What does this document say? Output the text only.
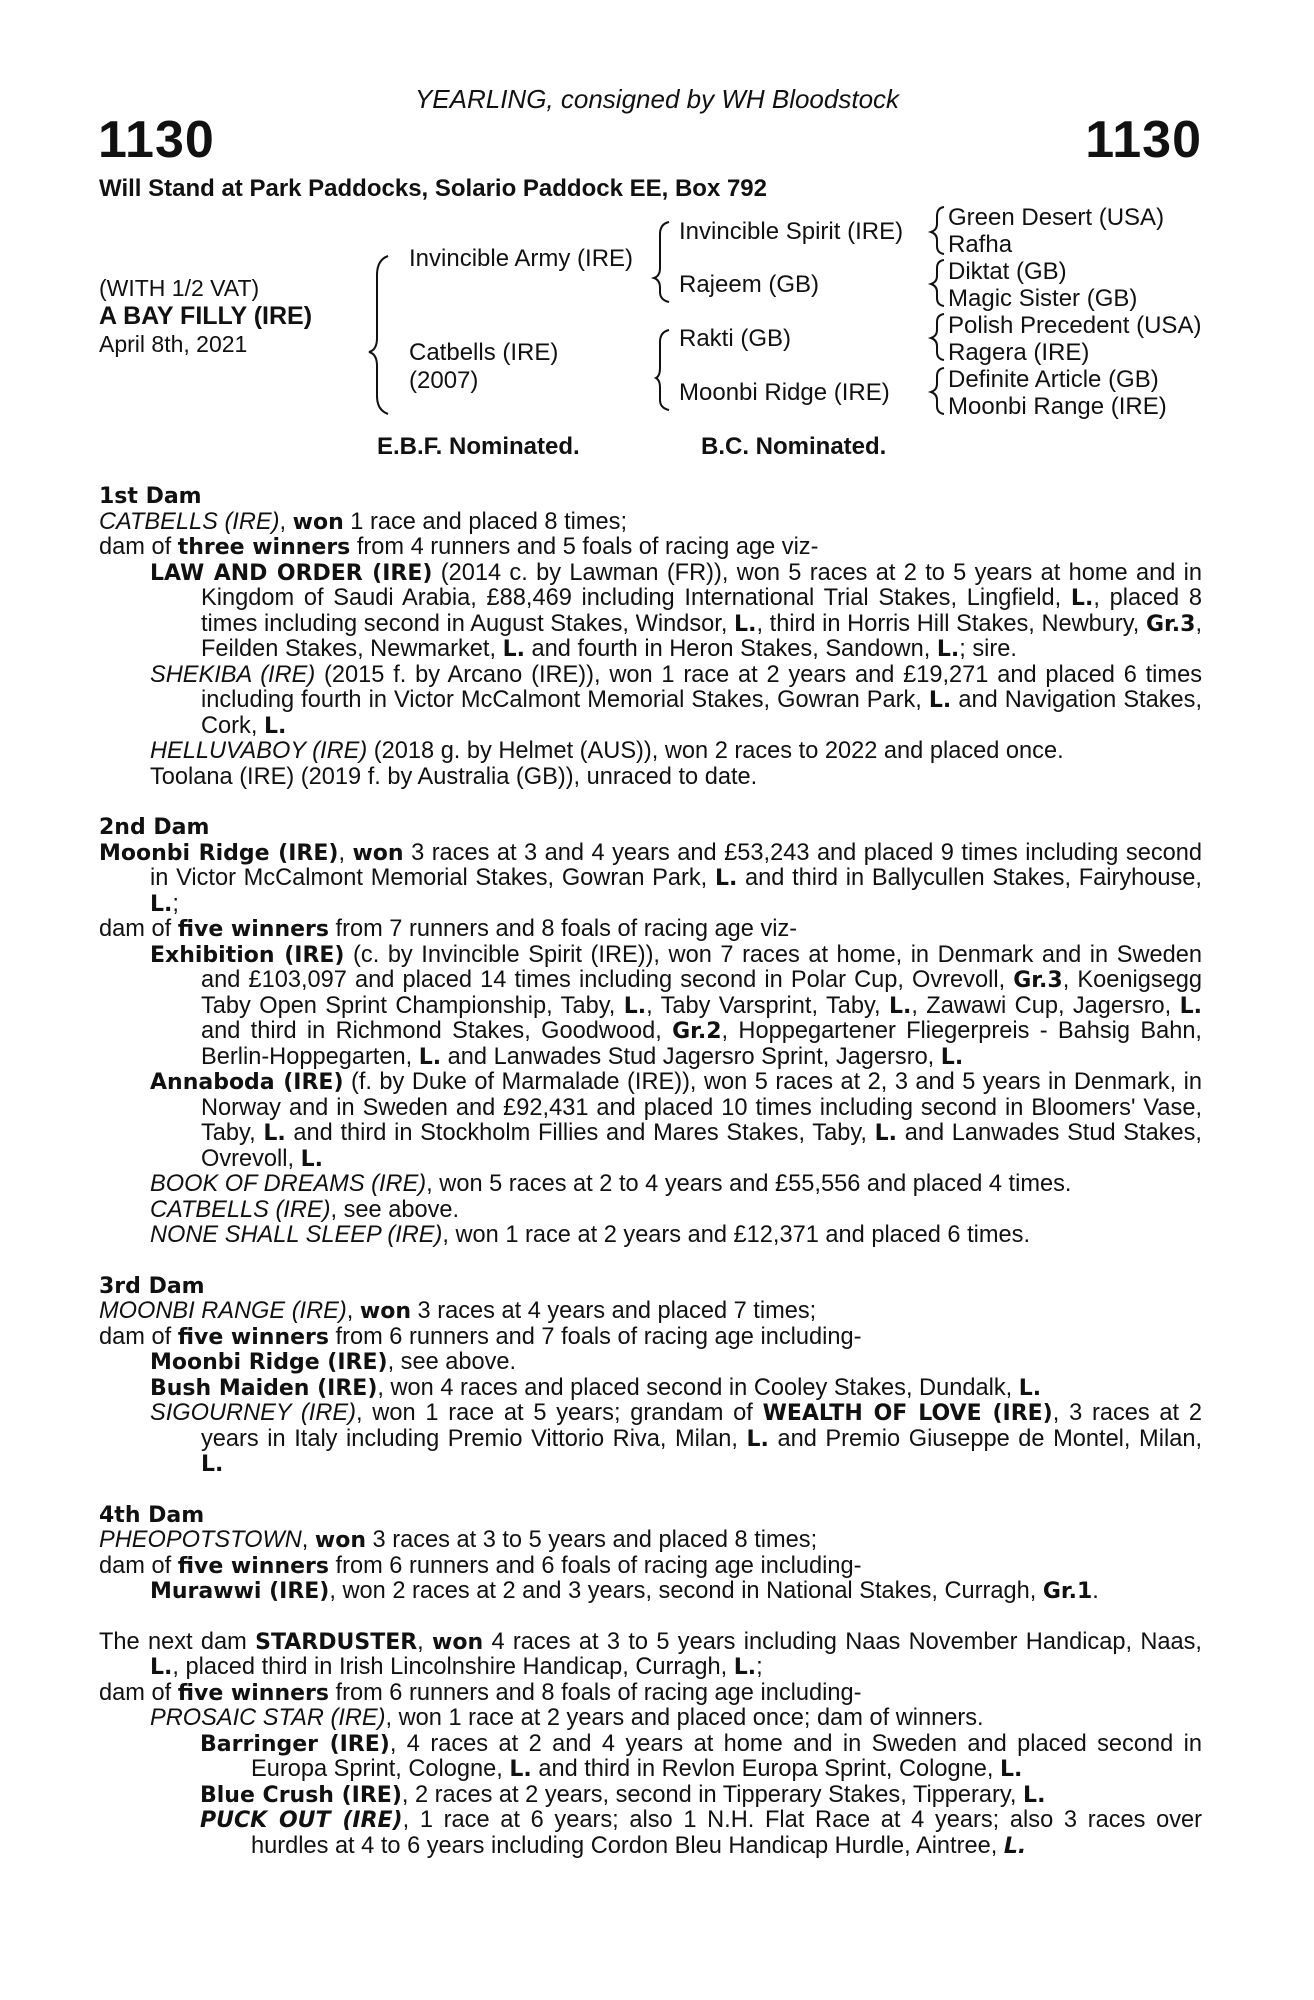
YEARLING, consigned by WH Bloodstock
1130	1130
Will Stand at Park Paddocks, Solario Paddock EE, Box 792
(WITH 1/2 VAT)
A BAY FILLY (IRE)
April 8th, 2021
Invincible Army (IRE)
Catbells (IRE)
(2007)
Invincible Spirit (IRE)
Rajeem (GB)
Rakti (GB)
Moonbi Ridge (IRE)
Green Desert (USA)
Rafha
Diktat (GB)
Magic Sister (GB)
Polish Precedent (USA)
Ragera (IRE)
Definite Article (GB)
Moonbi Range (IRE)
E.B.F. Nominated.	B.C. Nominated.

1st Dam

CATBELLS (IRE), won 1 race and placed 8 times;

dam of three winners from 4 runners and 5 foals of racing age viz-

LAW AND ORDER (IRE) (2014 c. by Lawman (FR)), won 5 races at 2 to 5 years at home and in Kingdom of Saudi Arabia, £88,469 including International Trial Stakes, Lingfield, L., placed 8 times including second in August Stakes, Windsor, L., third in Horris Hill Stakes, Newbury, Gr.3, Feilden Stakes, Newmarket, L. and fourth in Heron Stakes, Sandown, L.; sire.

SHEKIBA (IRE) (2015 f. by Arcano (IRE)), won 1 race at 2 years and £19,271 and placed 6 times including fourth in Victor McCalmont Memorial Stakes, Gowran Park, L. and Navigation Stakes, Cork, L.

HELLUVABOY (IRE) (2018 g. by Helmet (AUS)), won 2 races to 2022 and placed once.

Toolana (IRE) (2019 f. by Australia (GB)), unraced to date.

2nd Dam

Moonbi Ridge (IRE), won 3 races at 3 and 4 years and £53,243 and placed 9 times including second in Victor McCalmont Memorial Stakes, Gowran Park, L. and third in Ballycullen Stakes, Fairyhouse, L.;

dam of five winners from 7 runners and 8 foals of racing age viz-

Exhibition (IRE) (c. by Invincible Spirit (IRE)), won 7 races at home, in Denmark and in Sweden and £103,097 and placed 14 times including second in Polar Cup, Ovrevoll, Gr.3, Koenigsegg Taby Open Sprint Championship, Taby, L., Taby Varsprint, Taby, L., Zawawi Cup, Jagersro, L. and third in Richmond Stakes, Goodwood, Gr.2, Hoppegartener Fliegerpreis - Bahsig Bahn, Berlin-Hoppegarten, L. and Lanwades Stud Jagersro Sprint, Jagersro, L.

Annaboda (IRE) (f. by Duke of Marmalade (IRE)), won 5 races at 2, 3 and 5 years in Denmark, in Norway and in Sweden and £92,431 and placed 10 times including second in Bloomers' Vase, Taby, L. and third in Stockholm Fillies and Mares Stakes, Taby, L. and Lanwades Stud Stakes, Ovrevoll, L.

BOOK OF DREAMS (IRE), won 5 races at 2 to 4 years and £55,556 and placed 4 times.

CATBELLS (IRE), see above.

NONE SHALL SLEEP (IRE), won 1 race at 2 years and £12,371 and placed 6 times.

3rd Dam

MOONBI RANGE (IRE), won 3 races at 4 years and placed 7 times;

dam of five winners from 6 runners and 7 foals of racing age including-

Moonbi Ridge (IRE), see above.

Bush Maiden (IRE), won 4 races and placed second in Cooley Stakes, Dundalk, L.

SIGOURNEY (IRE), won 1 race at 5 years; grandam of WEALTH OF LOVE (IRE), 3 races at 2 years in Italy including Premio Vittorio Riva, Milan, L. and Premio Giuseppe de Montel, Milan, L.

4th Dam

PHEOPOTSTOWN, won 3 races at 3 to 5 years and placed 8 times;

dam of five winners from 6 runners and 6 foals of racing age including-

Murawwi (IRE), won 2 races at 2 and 3 years, second in National Stakes, Curragh, Gr.1.

The next dam STARDUSTER, won 4 races at 3 to 5 years including Naas November Handicap, Naas, L., placed third in Irish Lincolnshire Handicap, Curragh, L.;

dam of five winners from 6 runners and 8 foals of racing age including-

PROSAIC STAR (IRE), won 1 race at 2 years and placed once; dam of winners.

Barringer (IRE), 4 races at 2 and 4 years at home and in Sweden and placed second in Europa Sprint, Cologne, L. and third in Revlon Europa Sprint, Cologne, L.

Blue Crush (IRE), 2 races at 2 years, second in Tipperary Stakes, Tipperary, L.

PUCK OUT (IRE), 1 race at 6 years; also 1 N.H. Flat Race at 4 years; also 3 races over hurdles at 4 to 6 years including Cordon Bleu Handicap Hurdle, Aintree, L.
